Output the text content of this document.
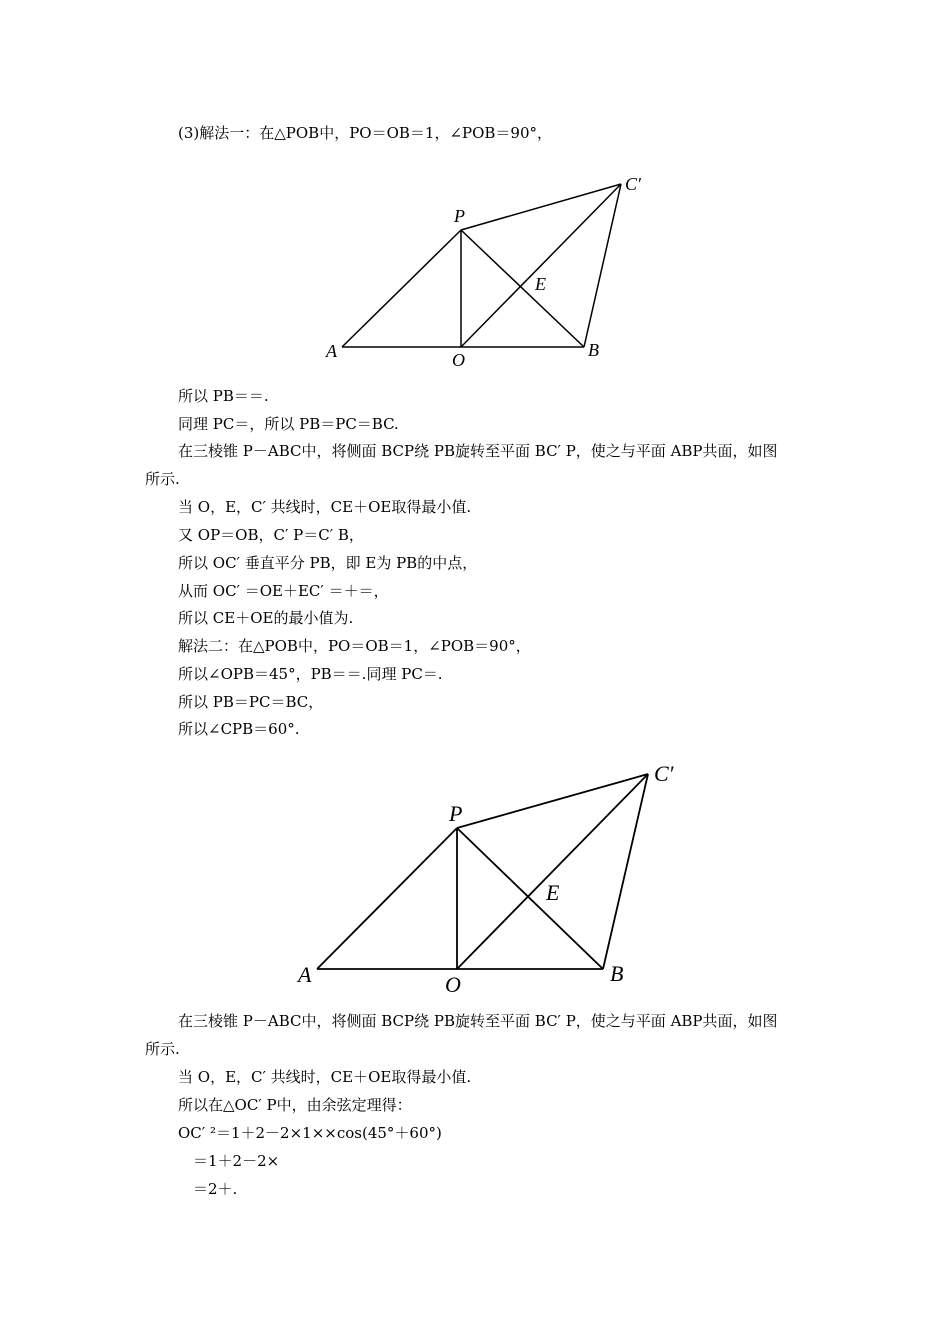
(3)解法一：在△POB中，PO＝OB＝1，∠POB＝90°，
A	O	B
P
E
C′
所以 PB＝＝.
同理 PC＝，所以 PB＝PC＝BC.
在三棱锥 P－ABC中，将侧面 BCP绕 PB旋转至平面 BC′ P，使之与平面 ABP共面，如图
所示.
当 O，E，C′ 共线时，CE＋OE取得最小值.
又 OP＝OB，C′ P＝C′ B，
所以 OC′ 垂直平分 PB，即 E为 PB的中点，
从而 OC′ ＝OE＋EC′ ＝＋＝，
所以 CE＋OE的最小值为.
解法二：在△POB中，PO＝OB＝1，∠POB＝90°，
所以∠OPB＝45°，PB＝＝.同理 PC＝.
所以 PB＝PC＝BC，
所以∠CPB＝60°.
A	O	B
P
E
C′
在三棱锥 P－ABC中，将侧面 BCP绕 PB旋转至平面 BC′ P，使之与平面 ABP共面，如图
所示.
当 O，E，C′ 共线时，CE＋OE取得最小值.
所以在△OC′ P中，由余弦定理得：
OC′ ²＝1＋2－2×1××cos(45°＋60°)
＝1＋2－2×
＝2＋.
